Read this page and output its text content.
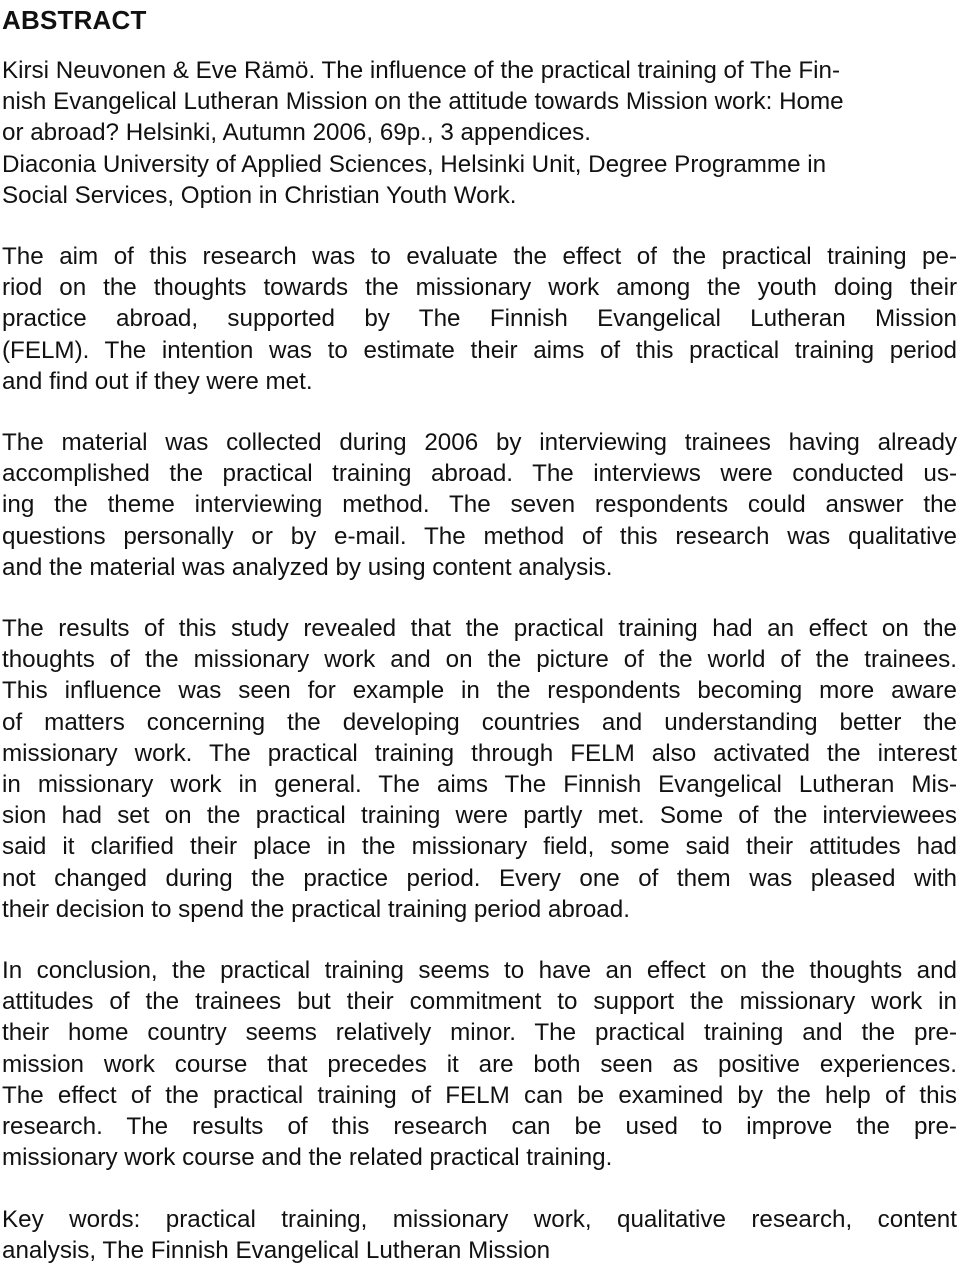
ABSTRACT

Kirsi Neuvonen & Eve Rämö. The influence of the practical training of The Fin-
nish Evangelical Lutheran Mission on the attitude towards Mission work: Home
or abroad? Helsinki, Autumn 2006, 69p., 3 appendices.
Diaconia University of Applied Sciences, Helsinki Unit, Degree Programme in
Social Services, Option in Christian Youth Work.

The aim of this research was to evaluate the effect of the practical training pe-
riod on the thoughts towards the missionary work among the youth doing their
practice abroad, supported by The Finnish Evangelical Lutheran Mission
(FELM). The intention was to estimate their aims of this practical training period
and find out if they were met.

The material was collected during 2006 by interviewing trainees having already
accomplished the practical training abroad. The interviews were conducted us-
ing the theme interviewing method. The seven respondents could answer the
questions personally or by e-mail. The method of this research was qualitative
and the material was analyzed by using content analysis.

The results of this study revealed that the practical training had an effect on the
thoughts of the missionary work and on the picture of the world of the trainees.
This influence was seen for example in the respondents becoming more aware
of matters concerning the developing countries and understanding better the
missionary work. The practical training through FELM also activated the interest
in missionary work in general. The aims The Finnish Evangelical Lutheran Mis-
sion had set on the practical training were partly met. Some of the interviewees
said it clarified their place in the missionary field, some said their attitudes had
not changed during the practice period. Every one of them was pleased with
their decision to spend the practical training period abroad.

In conclusion, the practical training seems to have an effect on the thoughts and
attitudes of the trainees but their commitment to support the missionary work in
their home country seems relatively minor. The practical training and the pre-
mission work course that precedes it are both seen as positive experiences.
The effect of the practical training of FELM can be examined by the help of this
research. The results of this research can be used to improve the pre-
missionary work course and the related practical training.

Key words: practical training, missionary work, qualitative research, content
analysis, The Finnish Evangelical Lutheran Mission
